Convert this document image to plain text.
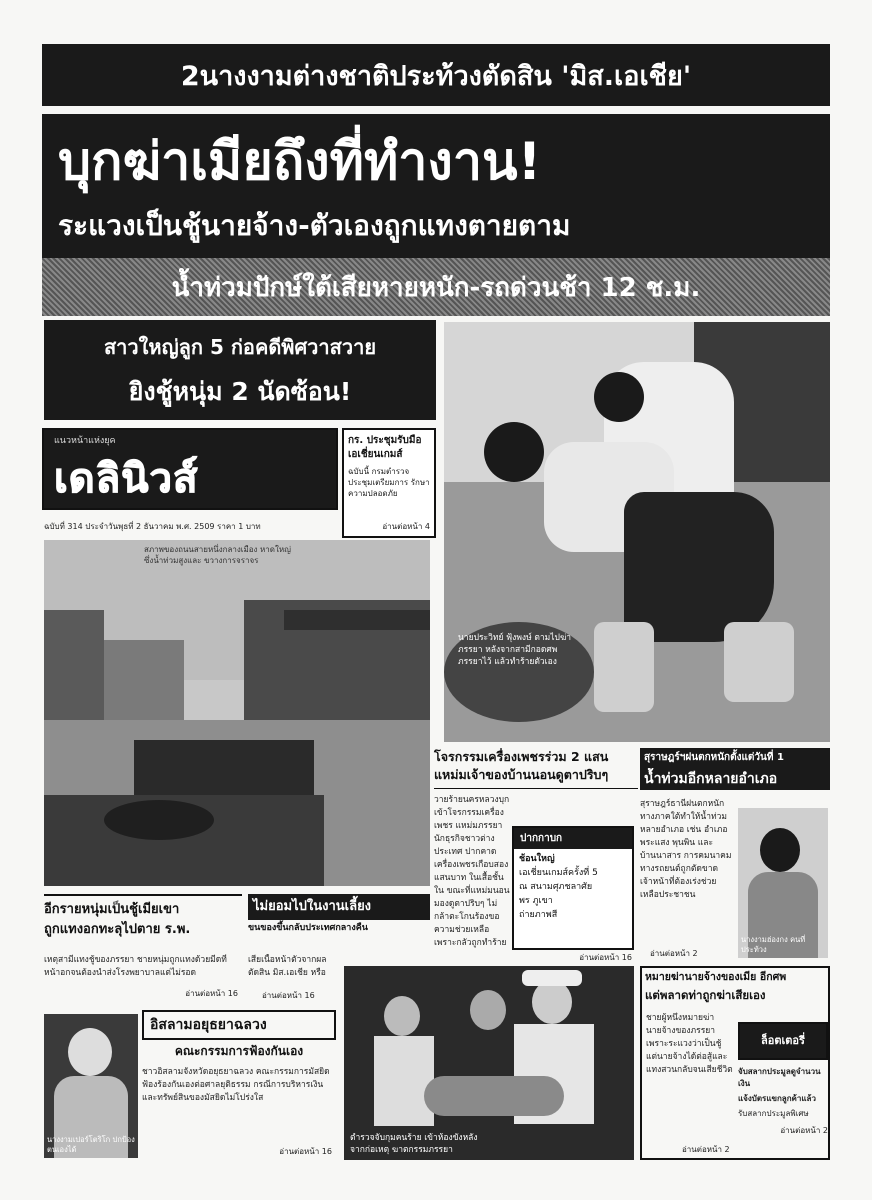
2นางงามต่างชาติประท้วงตัดสิน 'มิส.เอเชีย'
บุกฆ่าเมียถึงที่ทำงาน!
ระแวงเป็นชู้นายจ้าง-ตัวเองถูกแทงตายตาม
น้ำท่วมปักษ์ใต้เสียหายหนัก-รถด่วนช้า 12 ช.ม.
สาวใหญ่ลูก 5 ก่อคดีพิศวาสวาย
ยิงชู้หนุ่ม 2 นัดซ้อน!
แนวหน้าแห่งยุค
เดลินิวส์
ฉบับที่ 314 ประจำวันพุธที่ 2 ธันวาคม พ.ศ. 2509 ราคา 1 บาท
กร. ประชุมรับมือเอเชี่ยนเกมส์
ฉบับนี้ กรมตำรวจ ประชุมเตรียมการ รักษาความปลอดภัย
อ่านต่อหน้า 4
สภาพของถนนสายหนึ่งกลางเมือง หาดใหญ่ซึ่งน้ำท่วมสูงและ ขวางการจราจร
นายประวิทย์ ฟุ้งพงษ์ ตามไปฆ่าภรรยา หลังจากสามีกอดศพภรรยาไว้ แล้วทำร้ายตัวเอง
โจรกรรมเครื่องเพชรร่วม 2 แสน
แหม่มเจ้าของบ้านนอนดูตาปริบๆ
วายร้ายนครหลวงบุกเข้าโจรกรรมเครื่องเพชร แหม่มภรรยานักธุรกิจชาวต่างประเทศ ปากคาดเครื่องเพชรเกือบสองแสนบาท ในเสื้อชั้นใน ขณะที่แหม่มนอนมองดูตาปริบๆ ไม่กล้าตะโกนร้องขอความช่วยเหลือ เพราะกลัวถูกทำร้าย
อ่านต่อหน้า 16
ปากกาบก
ช้อนใหญ่
เอเชี่ยนเกมส์ครั้งที่ 5
ณ สนามศุภชลาศัย
พร ภูเขา
ถ่ายภาพสี
สุราษฎร์ฯฝนตกหนักตั้งแต่วันที่ 1
น้ำท่วมอีกหลายอำเภอ
สุราษฎร์ธานีฝนตกหนักทางภาคใต้ทำให้น้ำท่วมหลายอำเภอ เช่น อำเภอพระแสง พุนพิน และบ้านนาสาร การคมนาคมทางรถยนต์ถูกตัดขาด เจ้าหน้าที่ต้องเร่งช่วยเหลือประชาชน
นางงามฮ่องกง คนที่ประท้วง
อ่านต่อหน้า 2
อีกรายหนุ่มเป็นชู้เมียเขา
ถูกแทงอกทะลุไปตาย ร.พ.
เหตุสามีแทงชู้ของภรรยา ชายหนุ่มถูกแทงด้วยมีดที่หน้าอกจนต้องนำส่งโรงพยาบาลแต่ไม่รอด
อ่านต่อหน้า 16
ไม่ยอมไปในงานเลี้ยง
ขนของขึ้นกลับประเทศกลางคืน
เสียเนื้อหน้าตัวจากผลตัดสิน มิส.เอเชีย หรือ
อ่านต่อหน้า 16
นางงามเปอร์โตริโก ปกป้องตนเองได้
อิสลามอยุธยาฉลวง
คณะกรรมการฟ้องกันเอง
ชาวอิสลามจังหวัดอยุธยาฉลวง คณะกรรมการมัสยิดฟ้องร้องกันเองต่อศาลยุติธรรม กรณีการบริหารเงินและทรัพย์สินของมัสยิดไม่โปร่งใส
อ่านต่อหน้า 16
ตำรวจจับกุมคนร้าย เข้าห้องขังหลังจากก่อเหตุ ฆาตกรรมภรรยา
หมายฆ่านายจ้างของเมีย อีกศพ
แต่พลาดท่าถูกฆ่าเสียเอง
ชายผู้หนึ่งหมายฆ่านายจ้างของภรรยาเพราะระแวงว่าเป็นชู้ แต่นายจ้างได้ต่อสู้และแทงสวนกลับจนเสียชีวิต
อ่านต่อหน้า 2
ล็อตเตอรี่
จับสลากประมูลดูจำนวนเงิน
แจ้งบัตรแขกลูกค้าแล้ว
รับสลากประมูลพิเศษ
อ่านต่อหน้า 2
